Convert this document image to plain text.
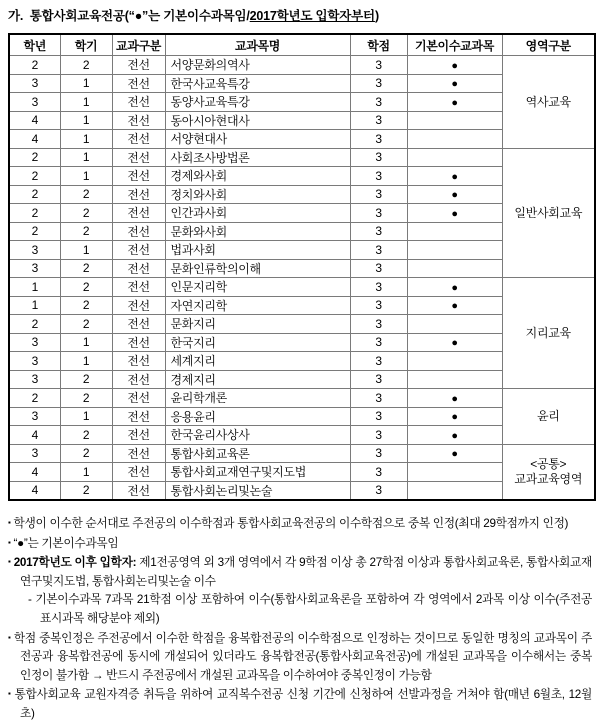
가.  통합사회교육전공(“●”는 기본이수과목임/2017학년도 입학자부터)
학년	학기	교과구분	교과목명	학점	기본이수교과목	영역구분
2	2	전선	서양문화의역사	3	●	역사교육
3	1	전선	한국사교육특강	3	●	
3	1	전선	동양사교육특강	3	●	
4	1	전선	동아시아현대사	3		
4	1	전선	서양현대사	3		
2	1	전선	사회조사방법론	3		일반사회교육
2	1	전선	경제와사회	3	●	
2	2	전선	정치와사회	3	●	
2	2	전선	인간과사회	3	●	
2	2	전선	문화와사회	3		
3	1	전선	법과사회	3		
3	2	전선	문화인류학의이해	3		
1	2	전선	인문지리학	3	●	지리교육
1	2	전선	자연지리학	3	●	
2	2	전선	문화지리	3		
3	1	전선	한국지리	3	●	
3	1	전선	세계지리	3		
3	2	전선	경제지리	3		
2	2	전선	윤리학개론	3	●	윤리
3	1	전선	응용윤리	3	●	
4	2	전선	한국윤리사상사	3	●	
3	2	전선	통합사회교육론	3	●	<공통>
교과교육영역
4	1	전선	통합사회교재연구및지도법	3		
4	2	전선	통합사회논리및논술	3		
▪ 학생이 이수한 순서대로 주전공의 이수학점과 통합사회교육전공의 이수학점으로 중복 인정(최대 29학점까지 인정)
▪ “●”는 기본이수과목임
▪ 2017학년도 이후 입학자: 제1전공영역 외 3개 영역에서 각 9학점 이상 총 27학점 이상과 통합사회교육론, 통합사회교재연구및지도법, 통합사회논리및논술 이수
- 기본이수과목 7과목 21학점 이상 포함하여 이수(통합사회교육론을 포함하여 각 영역에서 2과목 이상 이수(주전공 표시과목 해당분야 제외)
▪ 학점 중복인정은 주전공에서 이수한 학점을 융복합전공의 이수학점으로 인정하는 것이므로 동일한 명칭의 교과목이 주전공과 융복합전공에 동시에 개설되어 있더라도 융복합전공(통합사회교육전공)에 개설된 교과목을 이수해서는 중복인정이 불가함 → 반드시 주전공에서 개설된 교과목을 이수하여야 중복인정이 가능함
▪ 통합사회교육 교원자격증 취득을 위하여 교직복수전공 신청 기간에 신청하여 선발과정을 거쳐야 함(매년 6월초, 12월초)
